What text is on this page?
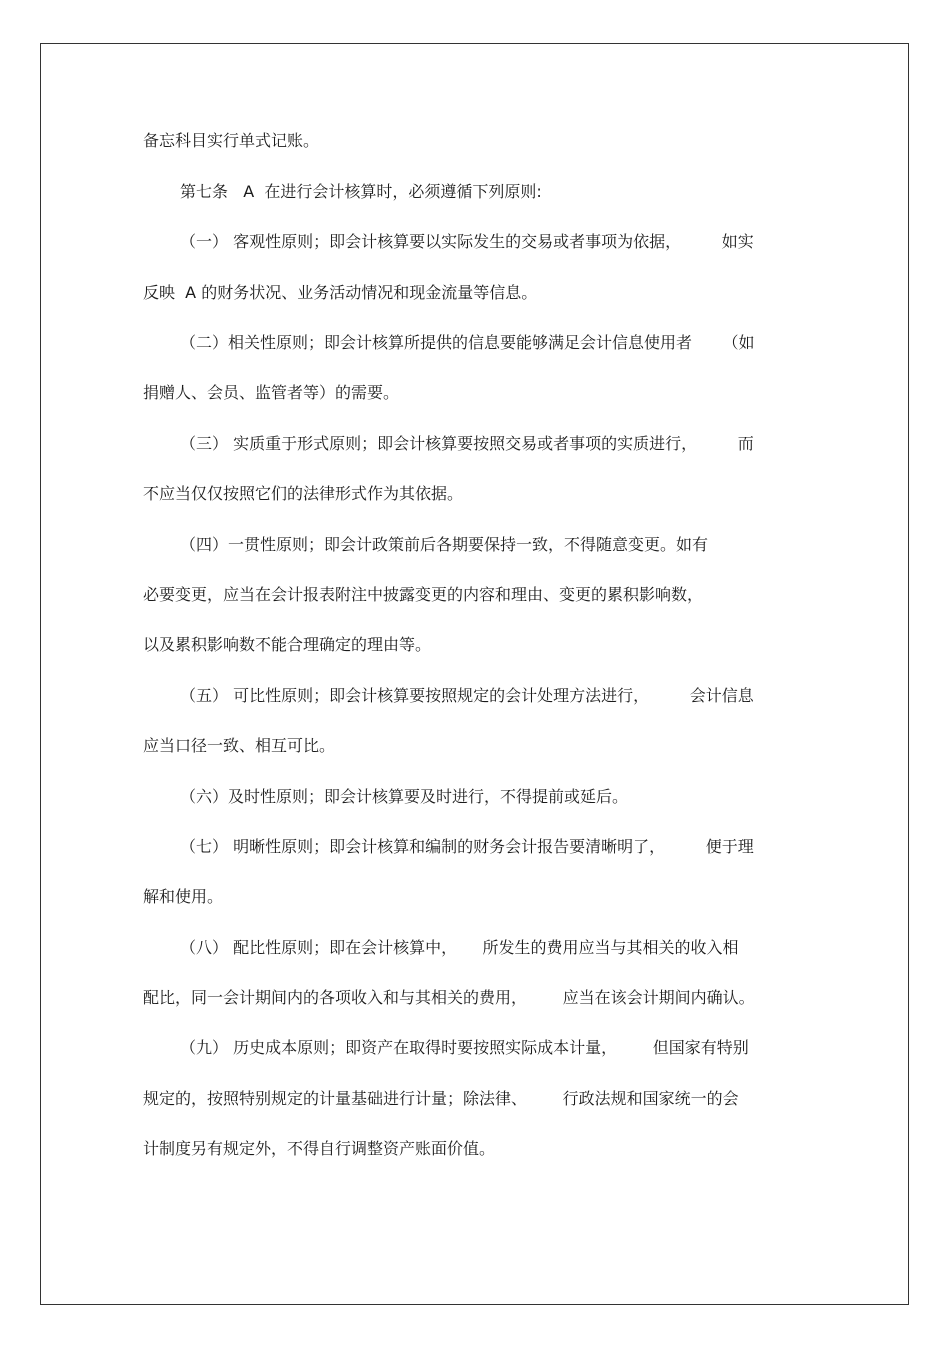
备忘科目实行单式记账。

第七条   A  在进行会计核算时，必须遵循下列原则:

（一） 客观性原则；即会计核算要以实际发生的交易或者事项为依据，        如实

反映  A 的财务状况、业务活动情况和现金流量等信息。

（二）相关性原则；即会计核算所提供的信息要能够满足会计信息使用者      （如

捐赠人、会员、监管者等）的需要。

（三） 实质重于形式原则；即会计核算要按照交易或者事项的实质进行，        而

不应当仅仅按照它们的法律形式作为其依据。

（四）一贯性原则；即会计政策前后各期要保持一致，不得随意变更。如有

必要变更，应当在会计报表附注中披露变更的内容和理由、变更的累积影响数，

以及累积影响数不能合理确定的理由等。

（五） 可比性原则；即会计核算要按照规定的会计处理方法进行，        会计信息

应当口径一致、相互可比。

（六）及时性原则；即会计核算要及时进行，不得提前或延后。

（七） 明晰性原则；即会计核算和编制的财务会计报告要清晰明了，        便于理

解和使用。

（八） 配比性原则；即在会计核算中，     所发生的费用应当与其相关的收入相

配比，同一会计期间内的各项收入和与其相关的费用，       应当在该会计期间内确认。

（九） 历史成本原则；即资产在取得时要按照实际成本计量，       但国家有特别

规定的，按照特别规定的计量基础进行计量；除法律、       行政法规和国家统一的会

计制度另有规定外，不得自行调整资产账面价值。
